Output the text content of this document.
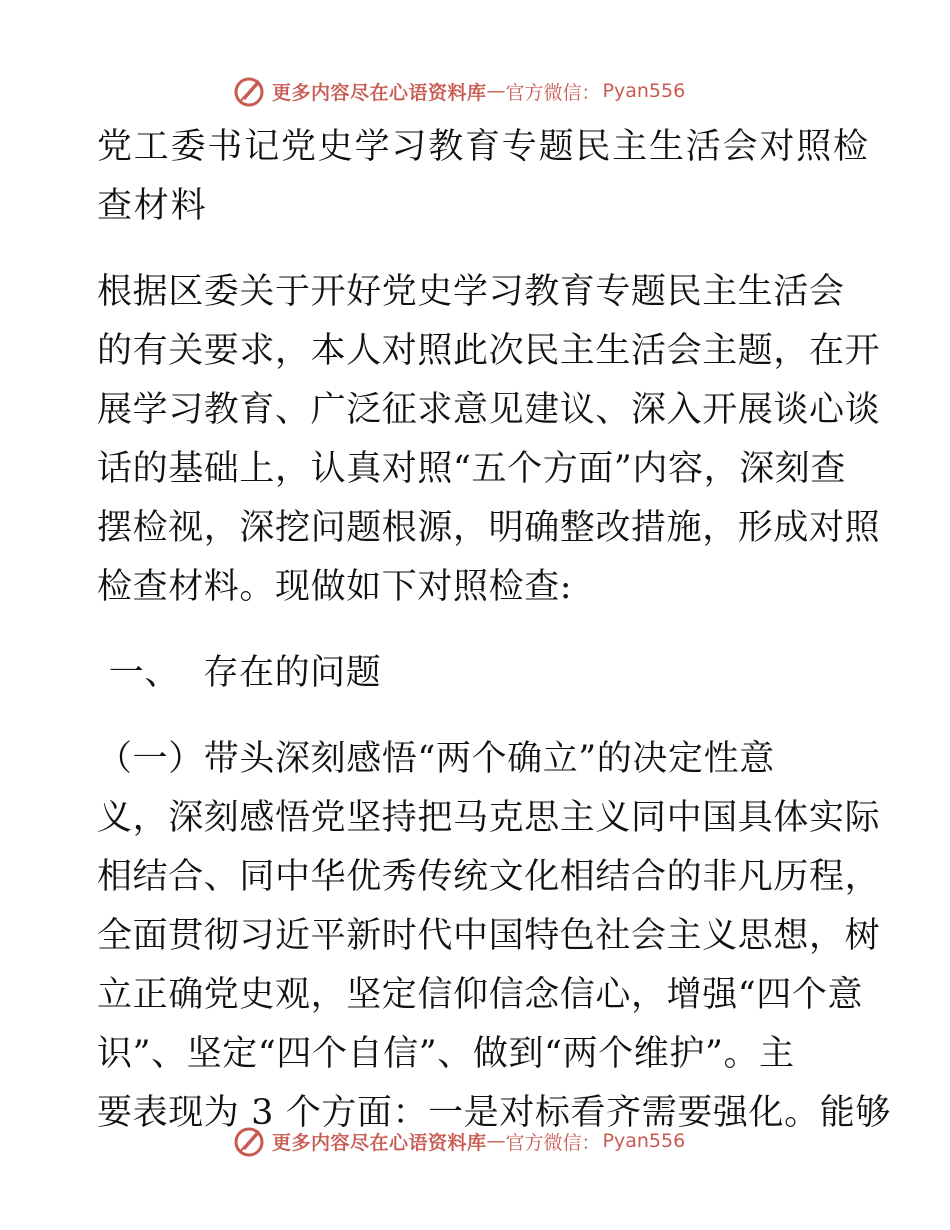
更多内容尽在心语资料库 — 官方微信： Pyan556
党工委书记党史学习教育专题民主生活会对照检
查材料
根据区委关于开好党史学习教育专题民主生活会
的有关要求，本人对照此次民主生活会主题，在开
展学习教育、广泛征求意见建议、深入开展谈心谈
话的基础上，认真对照“五个方面”内容，深刻查
摆检视，深挖问题根源，明确整改措施，形成对照
检查材料。现做如下对照检查:
一、  存在的问题
（一）带头深刻感悟“两个确立”的决定性意
义，深刻感悟党坚持把马克思主义同中国具体实际
相结合、同中华优秀传统文化相结合的非凡历程，
全面贯彻习近平新时代中国特色社会主义思想，树
立正确党史观，坚定信仰信念信心，增强“四个意
识”、坚定“四个自信”、做到“两个维护”。主
要表现为 3 个方面：一是对标看齐需要强化。能够
更多内容尽在心语资料库 — 官方微信： Pyan556
